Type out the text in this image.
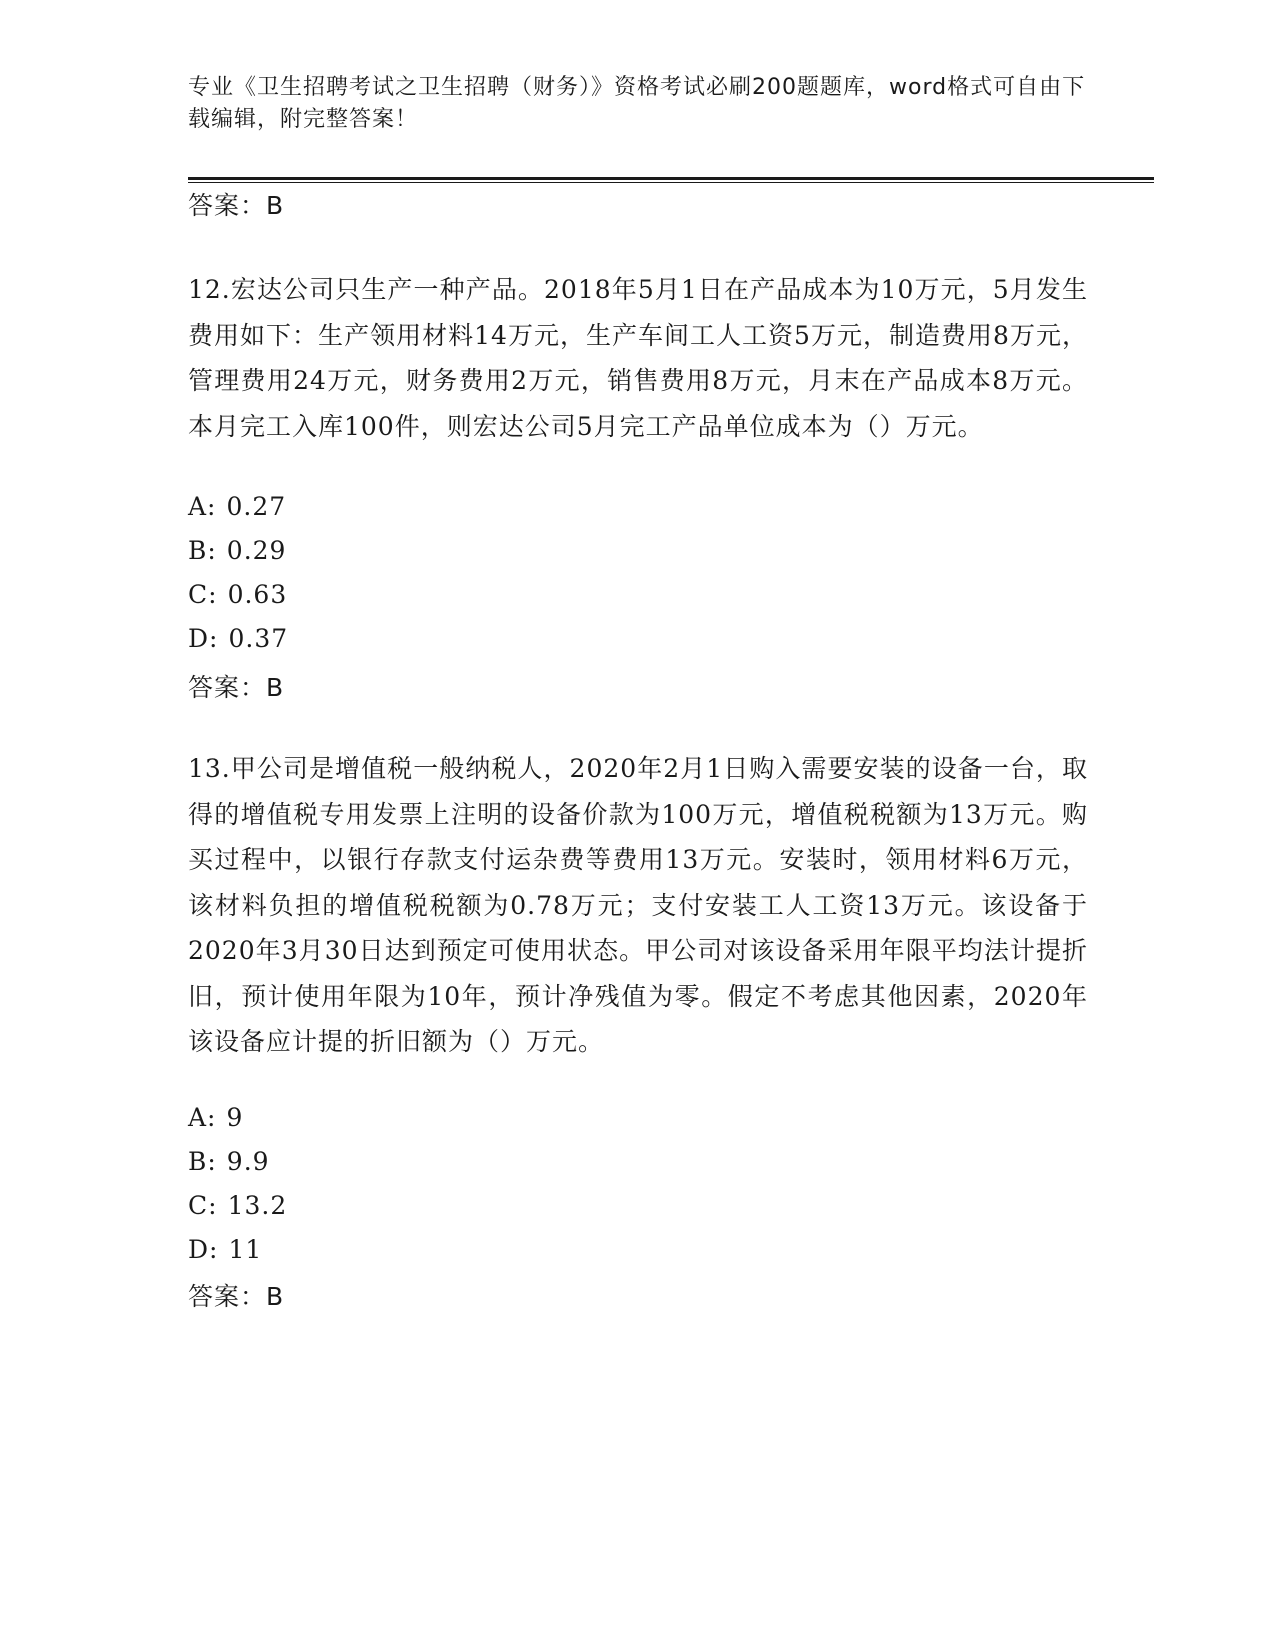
专业《卫生招聘考试之卫生招聘（财务）》资格考试必刷200题题库，word格式可自由下载编辑，附完整答案！
答案：B
12.宏达公司只生产一种产品。2018年5月1日在产品成本为10万元，5月发生费用如下：生产领用材料14万元，生产车间工人工资5万元，制造费用8万元，管理费用24万元，财务费用2万元，销售费用8万元，月末在产品成本8万元。本月完工入库100件，则宏达公司5月完工产品单位成本为（）万元。
A: 0.27
B: 0.29
C: 0.63
D: 0.37
答案：B
13.甲公司是增值税一般纳税人，2020年2月1日购入需要安装的设备一台，取得的增值税专用发票上注明的设备价款为100万元，增值税税额为13万元。购买过程中，以银行存款支付运杂费等费用13万元。安装时，领用材料6万元，该材料负担的增值税税额为0.78万元；支付安装工人工资13万元。该设备于2020年3月30日达到预定可使用状态。甲公司对该设备采用年限平均法计提折旧，预计使用年限为10年，预计净残值为零。假定不考虑其他因素，2020年该设备应计提的折旧额为（）万元。
A: 9
B: 9.9
C: 13.2
D: 11
答案：B
